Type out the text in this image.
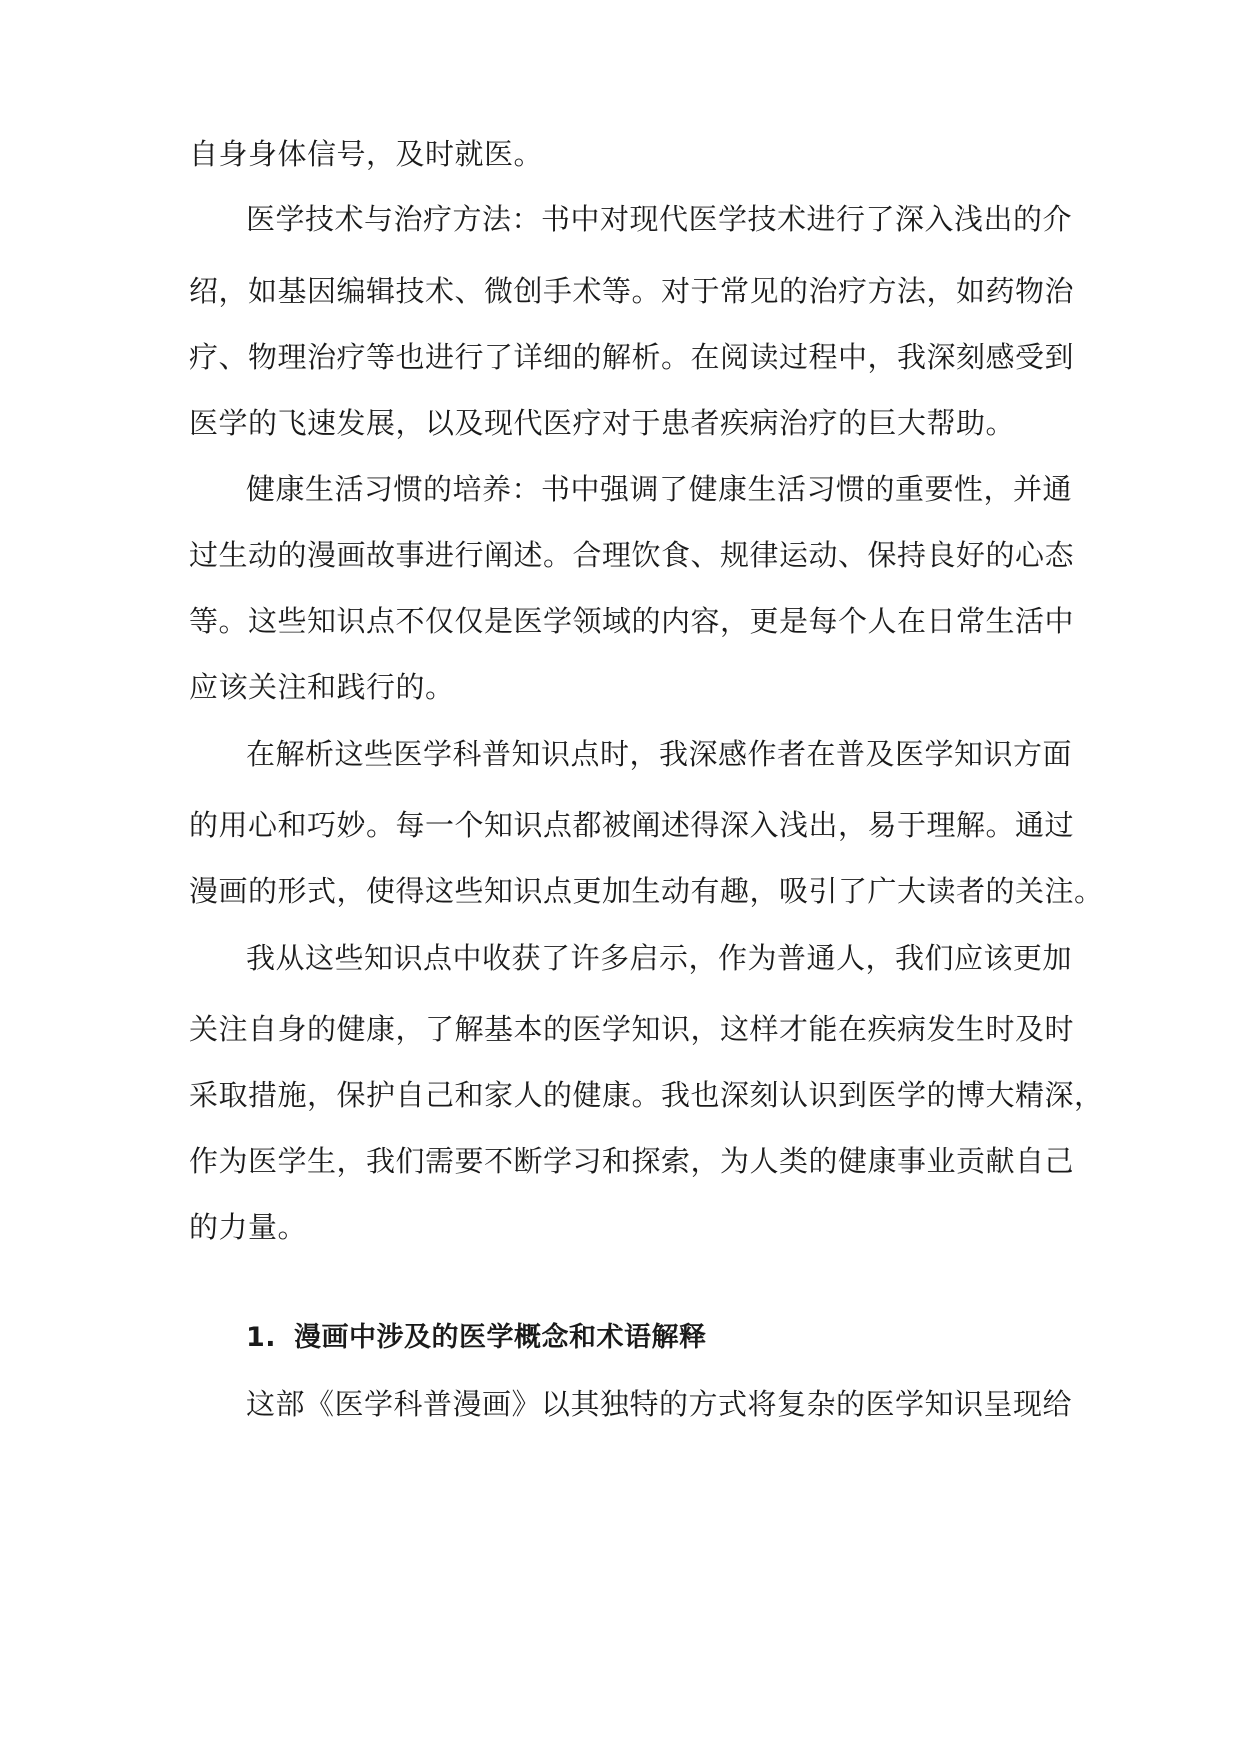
自身身体信号，及时就医。
医学技术与治疗方法：书中对现代医学技术进行了深入浅出的介
绍，如基因编辑技术、微创手术等。对于常见的治疗方法，如药物治
疗、物理治疗等也进行了详细的解析。在阅读过程中，我深刻感受到
医学的飞速发展，以及现代医疗对于患者疾病治疗的巨大帮助。
健康生活习惯的培养：书中强调了健康生活习惯的重要性，并通
过生动的漫画故事进行阐述。合理饮食、规律运动、保持良好的心态
等。这些知识点不仅仅是医学领域的内容，更是每个人在日常生活中
应该关注和践行的。
在解析这些医学科普知识点时，我深感作者在普及医学知识方面
的用心和巧妙。每一个知识点都被阐述得深入浅出，易于理解。通过
漫画的形式，使得这些知识点更加生动有趣，吸引了广大读者的关注。
我从这些知识点中收获了许多启示，作为普通人，我们应该更加
关注自身的健康，了解基本的医学知识，这样才能在疾病发生时及时
采取措施，保护自己和家人的健康。我也深刻认识到医学的博大精深，
作为医学生，我们需要不断学习和探索，为人类的健康事业贡献自己
的力量。
1. 漫画中涉及的医学概念和术语解释
这部《医学科普漫画》以其独特的方式将复杂的医学知识呈现给
